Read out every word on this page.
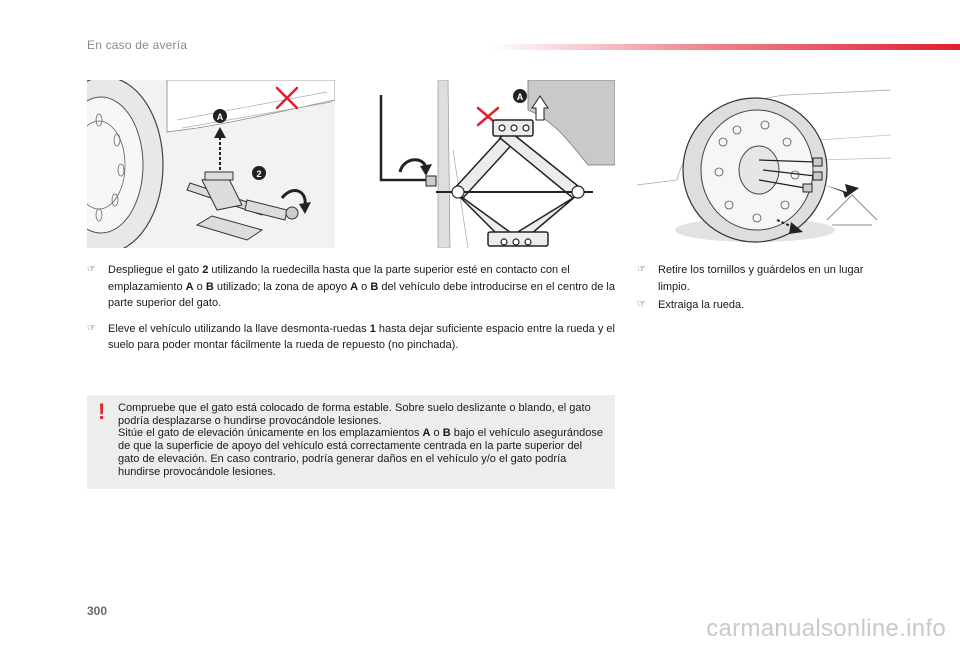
En caso de avería
A
2
A
☞ Despliegue el gato 2 utilizando la ruedecilla hasta que la parte superior esté en contacto con el emplazamiento A o B utilizado; la zona de apoyo A o B del vehículo debe introducirse en el centro de la parte superior del gato.
☞ Eleve el vehículo utilizando la llave desmonta-ruedas 1 hasta dejar suficiente espacio entre la rueda y el suelo para poder montar fácilmente la rueda de repuesto (no pinchada).
☞ Retire los tornillos y guárdelos en un lugar limpio.
☞ Extraiga la rueda.
! Compruebe que el gato está colocado de forma estable. Sobre suelo deslizante o blando, el gato podría desplazarse o hundirse provocándole lesiones.
Sitúe el gato de elevación únicamente en los emplazamientos A o B bajo el vehículo asegurándose de que la superficie de apoyo del vehículo está correctamente centrada en la parte superior del gato de elevación. En caso contrario, podría generar daños en el vehículo y/o el gato podría hundirse provocándole lesiones.
300
carmanualsonline.info
